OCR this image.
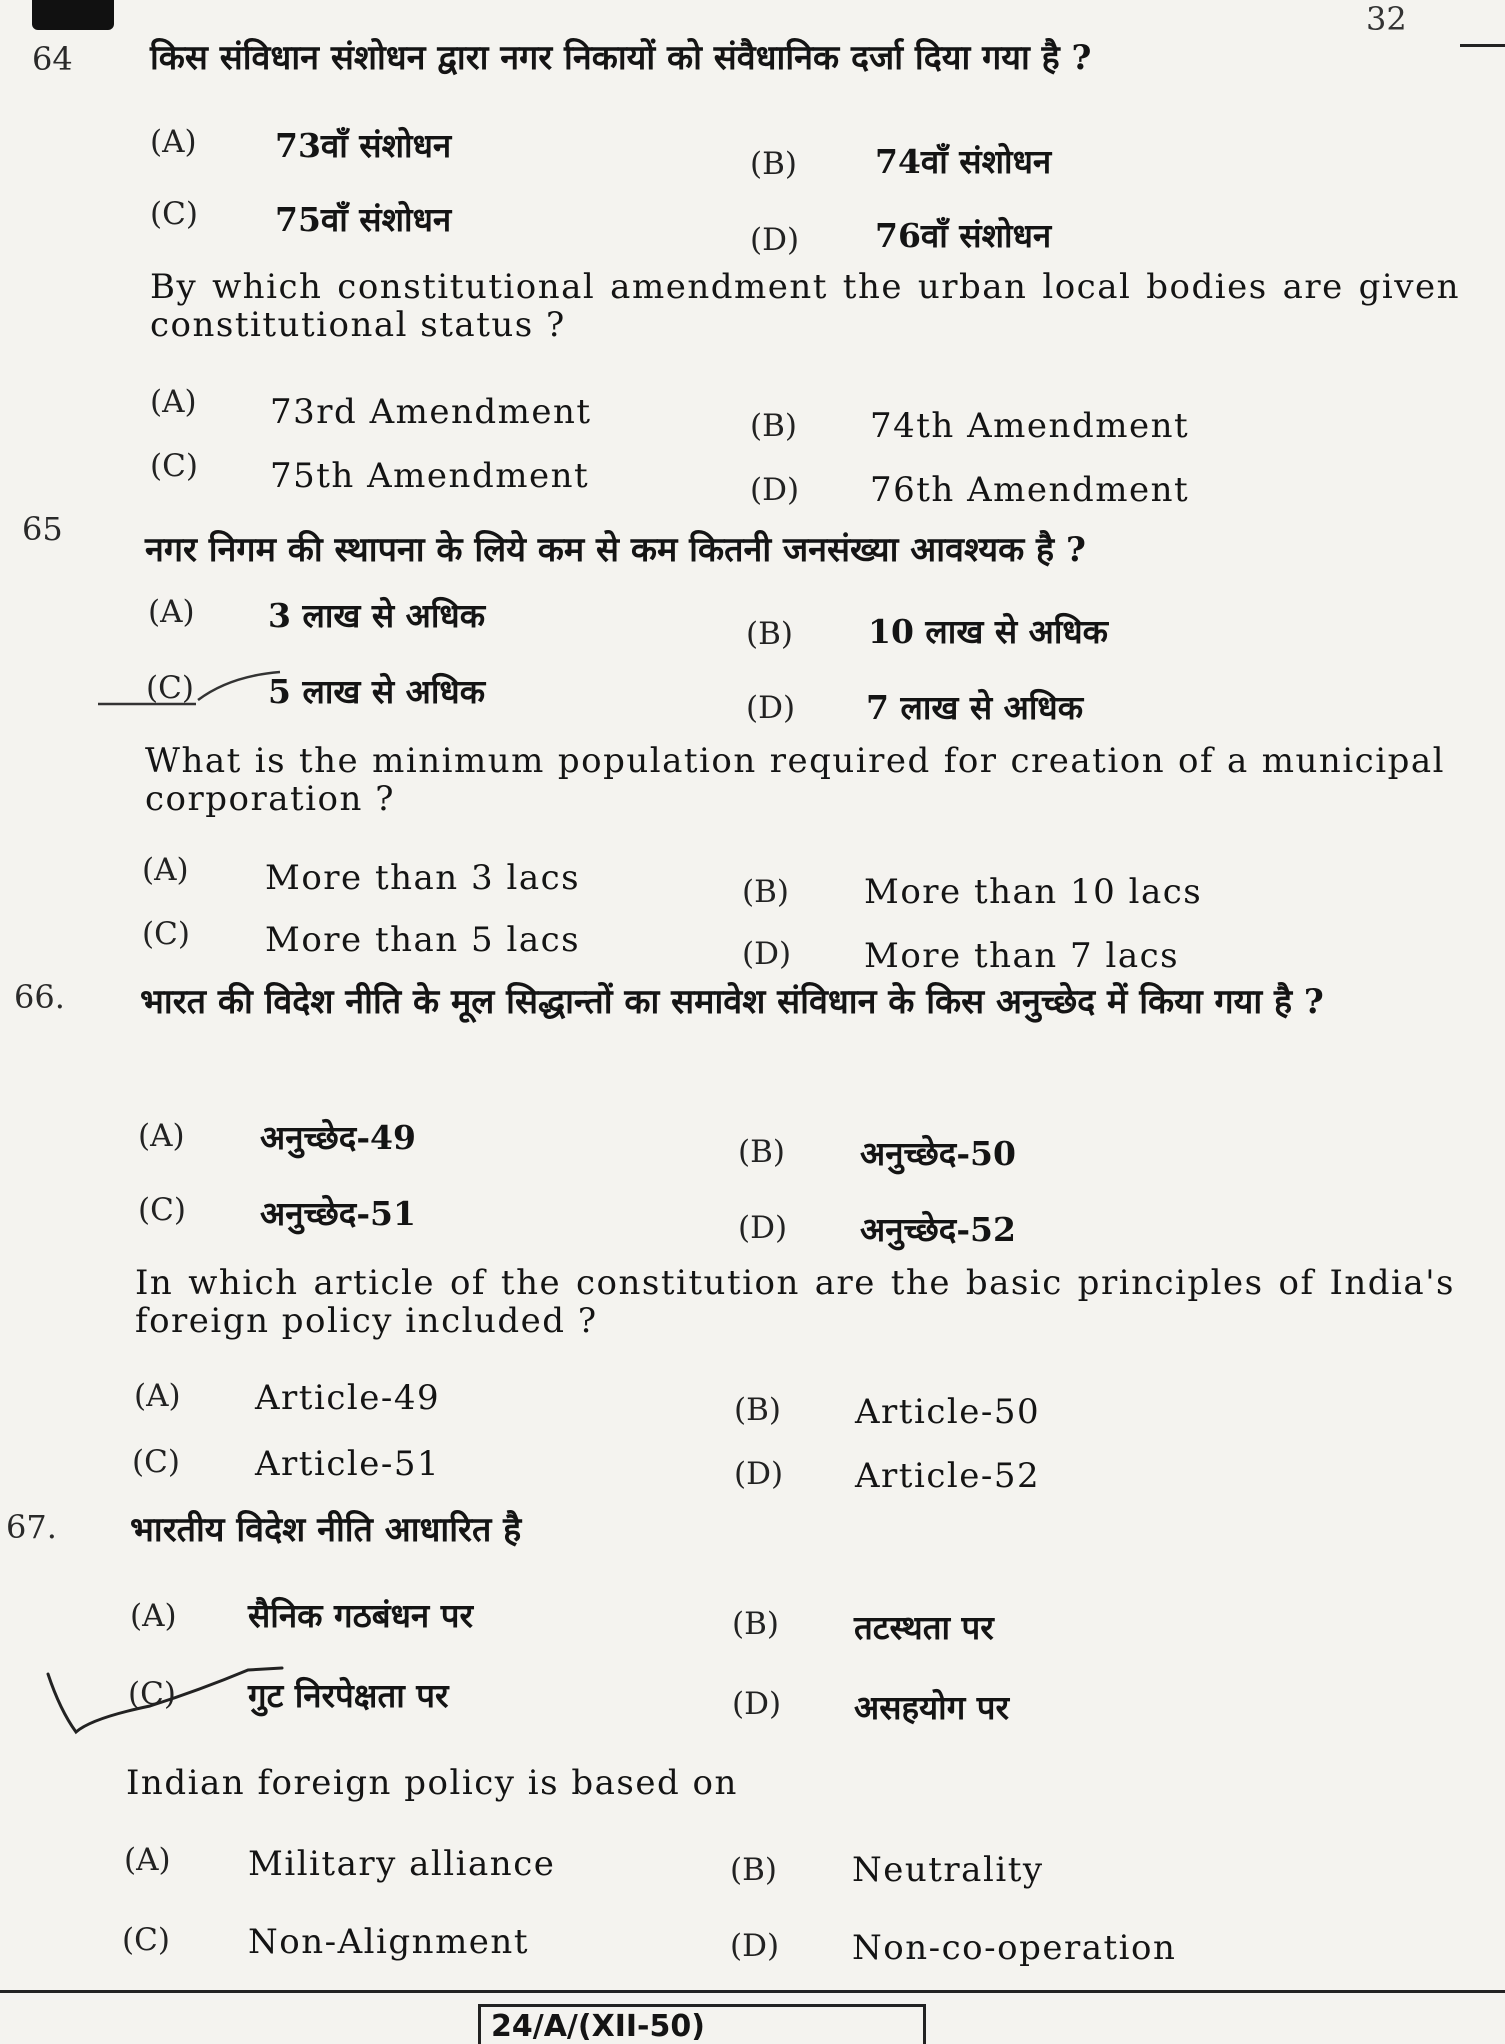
32
64 किस संविधान संशोधन द्वारा नगर निकायों को संवैधानिक दर्जा दिया गया है ?
(A) 73वाँ संशोधन	(B) 74वाँ संशोधन
(C) 75वाँ संशोधन
(D) 76वाँ संशोधन
By which constitutional amendment the urban local bodies are given constitutional status ?
(A) 73rd Amendment	(B) 74th Amendment
(C) 75th Amendment	(D) 76th Amendment
65
नगर निगम की स्थापना के लिये कम से कम कितनी जनसंख्या आवश्यक है ?
(A) 3 लाख से अधिक	(B) 10 लाख से अधिक
(C) 5 लाख से अधिक	(D) 7 लाख से अधिक
What is the minimum population required for creation of a municipal corporation ?
(A) More than 3 lacs	(B) More than 10 lacs
(C) More than 5 lacs	(D) More than 7 lacs
66. भारत की विदेश नीति के मूल सिद्धान्तों का समावेश संविधान के किस अनुच्छेद में किया गया है ?
(A) अनुच्छेद-49	(B) अनुच्छेद-50
(C) अनुच्छेद-51	(D) अनुच्छेद-52
In which article of the constitution are the basic principles of India's foreign policy included ?
(A) Article-49	(B) Article-50
(C) Article-51	(D) Article-52
67. भारतीय विदेश नीति आधारित है
(A) सैनिक गठबंधन पर	(B) तटस्थता पर
(C) गुट निरपेक्षता पर	(D) असहयोग पर
Indian foreign policy is based on
(A) Military alliance	(B) Neutrality
(C) Non-Alignment	(D) Non-co-operation
24/A/(XII-50)
